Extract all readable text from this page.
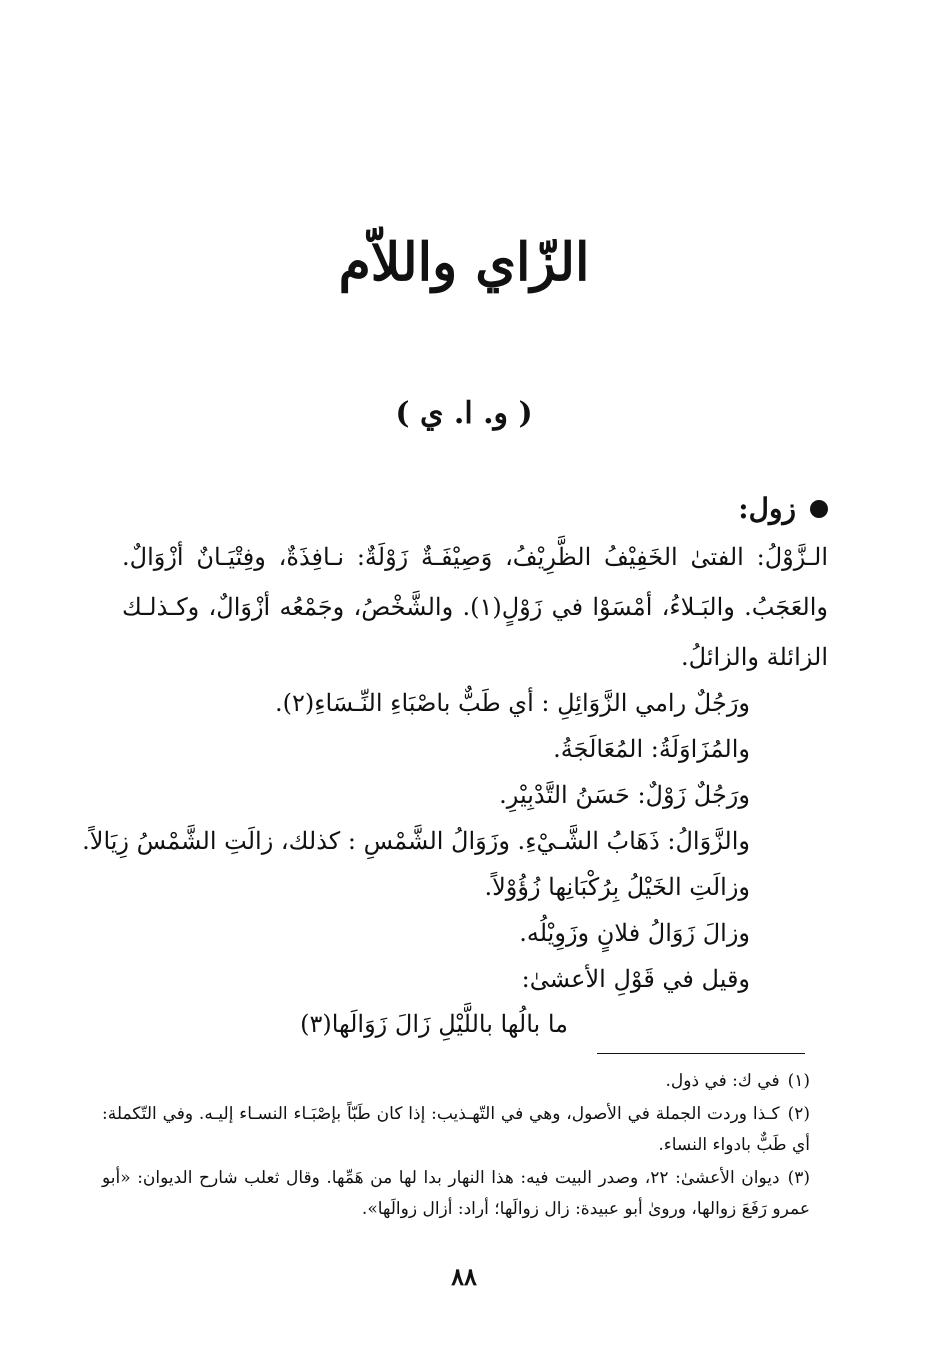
الزّاي واللاّم
( و. ا. ي )
زول:

الـزَّوْلُ: الفتىٰ الخَفِيْفُ الظَّرِيْفُ، وَصِيْفَـةٌ زَوْلَةٌ: نـافِذَةٌ، وفِتْيَـانٌ أزْوَالٌ. والعَجَبُ. والبَـلاءُ، أمْسَوْا في زَوْلٍ(١). والشَّخْصُ، وجَمْعُه أزْوَالٌ، وكـذلـك الزائلة والزائلُ.

ورَجُلٌ رامي الزَّوَائِلِ : أي طَبٌّ باصْبَاءِ النِّـسَاءِ(٢).
والمُزَاوَلَةُ: المُعَالَجَةُ.
ورَجُلٌ زَوْلٌ: حَسَنُ التَّدْبِيْرِ.
والزَّوَالُ: ذَهَابُ الشَّـيْءِ. وزَوَالُ الشَّمْسِ : كذلك، زالَتِ الشَّمْسُ زِيَالاً.
وزالَتِ الخَيْلُ بِرُكْبَانِها زُؤُوْلاً.
وزالَ زَوَالُ فلانٍ وزَوِيْلُه.
وقيل في قَوْلِ الأعشىٰ:
ما بالُها باللَّيْلِ زَالَ زَوَالَها(٣)
(١)في ك: في ذول.
(٢)كـذا وردت الجملة في الأصول، وهي في التّهـذيب: إذا كان طَبّاً بإصْبَـاء النسـاء إليـه. وفي التّكملة: أي طَبٌّ بادواء النساء.
(٣)ديوان الأعشىٰ: ٢٢، وصدر البيت فيه: هذا النهار بدا لها من هَمِّها. وقال ثعلب شارح الديوان: «أبو عمرو رَفَعَ زوالها، وروىٰ أبو عبيدة: زال زوالَها؛ أراد: أزال زوالَها».
٨٨
